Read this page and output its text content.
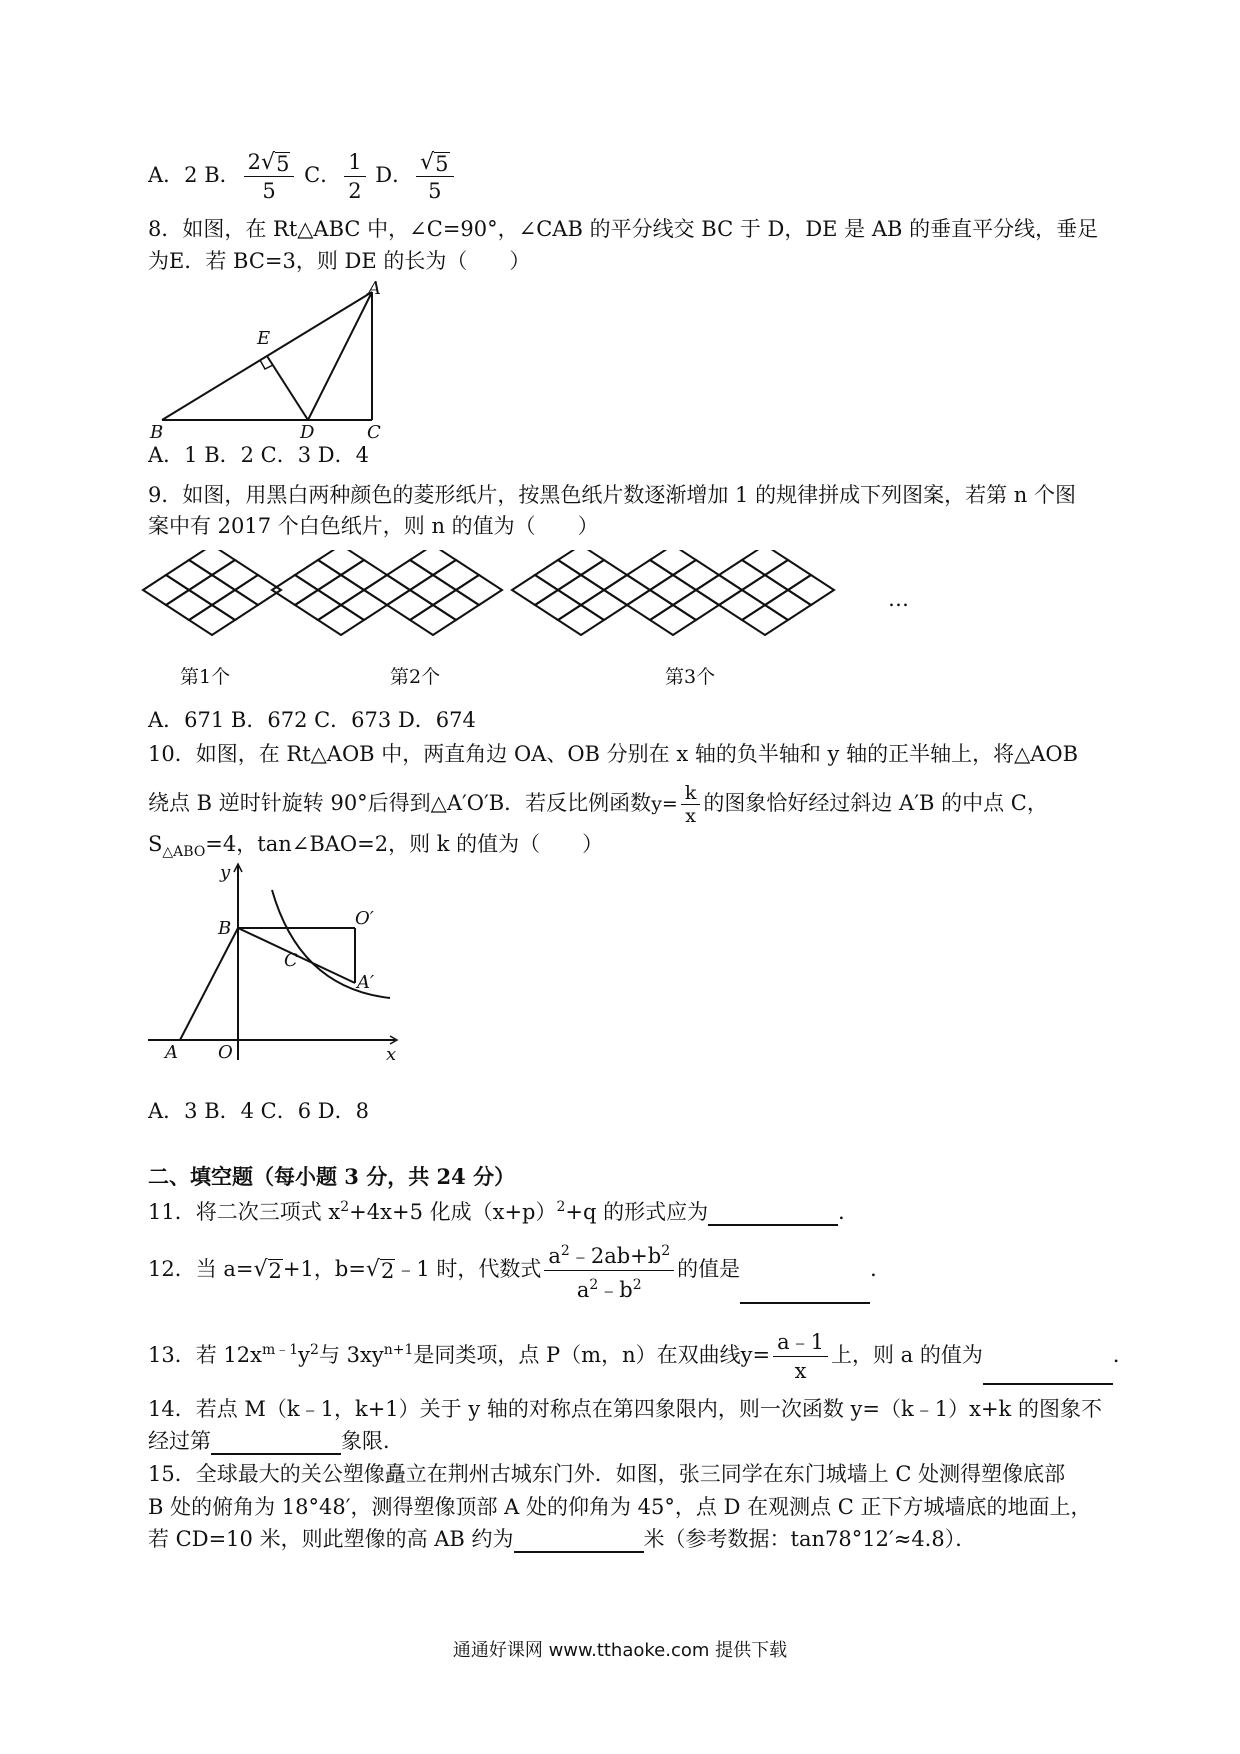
A．2 B． $\frac{2 √ 5}{5}$ C． $\frac{1}{2}$ D． $\frac{√ 5}{5}$
8．如图，在 Rt△ABC 中，∠C=90°，∠CAB 的平分线交 BC 于 D，DE 是 AB 的垂直平分线，垂足
为E．若 BC=3，则 DE 的长为（　　）
A
E
B	D	C
A．1 B．2 C．3 D．4
9．如图，用黑白两种颜色的菱形纸片，按黑色纸片数逐渐增加 1 的规律拼成下列图案，若第 n 个图
案中有 2017 个白色纸片，则 n 的值为（　　）
第1个	第2个	第3个
…
A．671 B．672 C．673 D．674
10．如图，在 Rt△AOB 中，两直角边 OA、OB 分别在 x 轴的负半轴和 y 轴的正半轴上，将△AOB
绕点 B 逆时针旋转 90°后得到△A′O′B．若反比例函数$y= \frac{k}{x}$ 的图象恰好经过斜边 A′B 的中点 C，
$S_{\triangle ABO}=4$，tan∠BAO=2，则 k 的值为（　　）
y
B	O′
C
A′
A O	x
A．3 B．4 C．6 D．8
二、填空题（每小题 3 分，共 24 分）
11．将二次三项式 $x^2+4x+5$ 化成$(x+p)^2+q$ 的形式应为	．
12．当 a= √ 2 +1，b= √ 2 ﹣1 时，代数式 $\frac{a^2﹣2ab+b^2}{a^2﹣b^2}$ 的值是	．
13．若 $12x^{m﹣1}y^2$与 $3xy^{n+1}$是同类项，点 P（m，n）在双曲线$y= \frac{a﹣1}{x}$ 上，则 a 的值为	．
14．若点 M（k﹣1，k+1）关于 y 轴的对称点在第四象限内，则一次函数 y=（k﹣1）x+k 的图象不
经过第	象限．
15．全球最大的关公塑像矗立在荆州古城东门外．如图，张三同学在东门城墙上 C 处测得塑像底部
B 处的俯角为 18°48′，测得塑像顶部 A 处的仰角为 45°，点 D 在观测点 C 正下方城墙底的地面上，
若 CD=10 米，则此塑像的高 AB 约为	米（参考数据：tan78°12′≈4.8）．
通通好课网 www.tthaoke.com 提供下载
